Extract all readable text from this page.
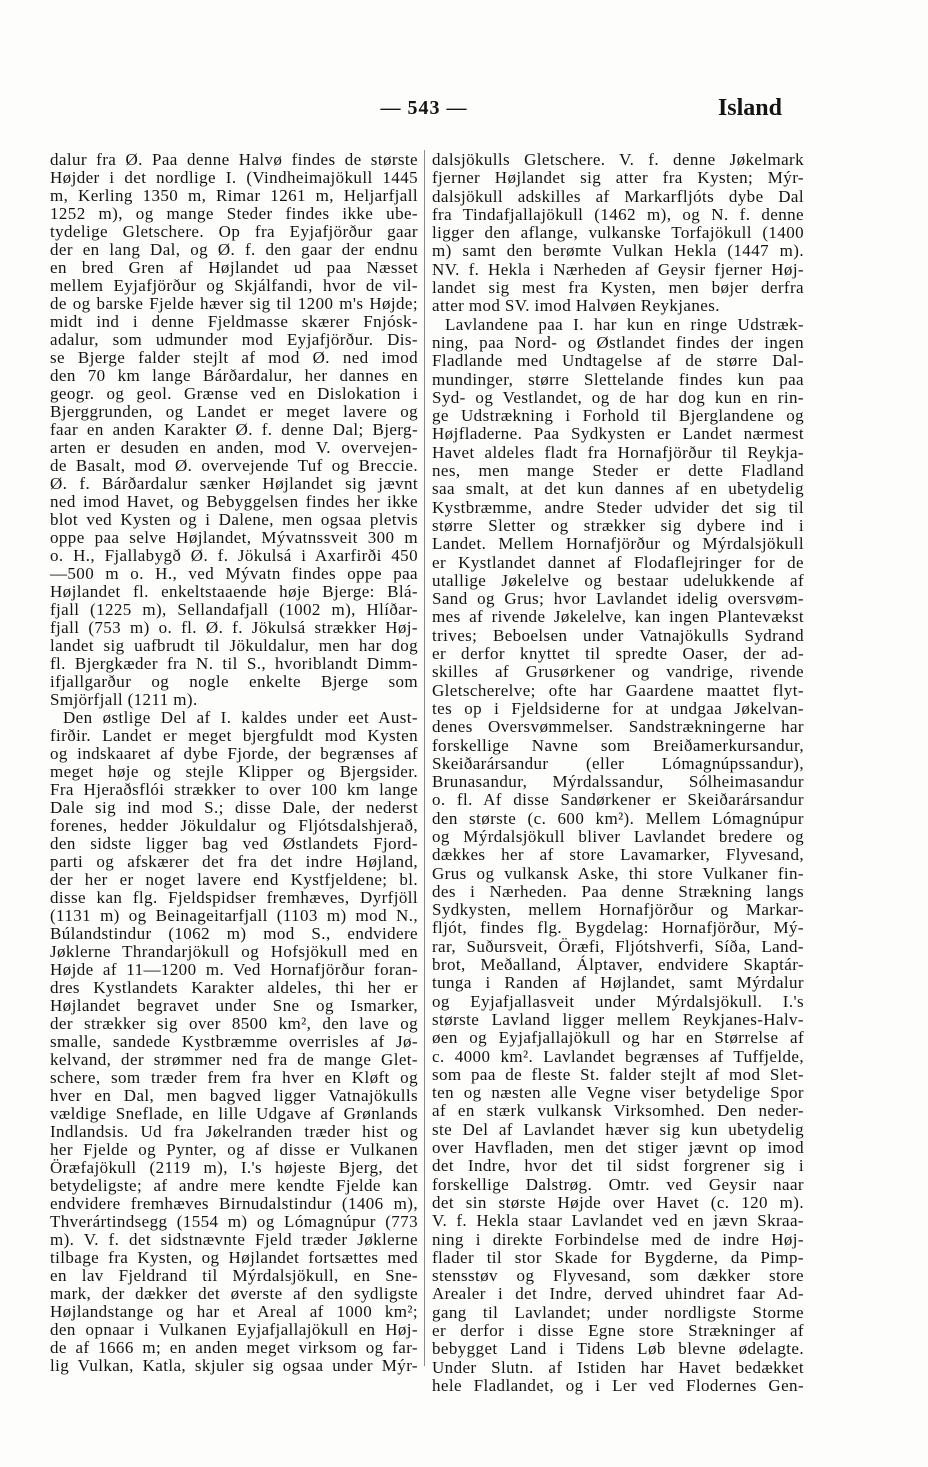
— 543 —	Island
dalur fra Ø. Paa denne Halvø findes de største
Højder i det nordlige I. (Vindheimajökull 1445
m, Kerling 1350 m, Rimar 1261 m, Heljarfjall
1252 m), og mange Steder findes ikke ube-
tydelige Gletschere. Op fra Eyjafjörður gaar
der en lang Dal, og Ø. f. den gaar der endnu
en bred Gren af Højlandet ud paa Næsset
mellem Eyjafjörður og Skjálfandi, hvor de vil-
de og barske Fjelde hæver sig til 1200 m's Højde;
midt ind i denne Fjeldmasse skærer Fnjósk-
adalur, som udmunder mod Eyjafjörður. Dis-
se Bjerge falder stejlt af mod Ø. ned imod
den 70 km lange Bárðardalur, her dannes en
geogr. og geol. Grænse ved en Dislokation i
Bjerggrunden, og Landet er meget lavere og
faar en anden Karakter Ø. f. denne Dal; Bjerg-
arten er desuden en anden, mod V. overvejen-
de Basalt, mod Ø. overvejende Tuf og Breccie.
Ø. f. Bárðardalur sænker Højlandet sig jævnt
ned imod Havet, og Bebyggelsen findes her ikke
blot ved Kysten og i Dalene, men ogsaa pletvis
oppe paa selve Højlandet, Mývatnssveit 300 m
o. H., Fjallabygð Ø. f. Jökulsá i Axarfirði 450
—500 m o. H., ved Mývatn findes oppe paa
Højlandet fl. enkeltstaaende høje Bjerge: Blá-
fjall (1225 m), Sellandafjall (1002 m), Hlíðar-
fjall (753 m) o. fl. Ø. f. Jökulsá strækker Høj-
landet sig uafbrudt til Jökuldalur, men har dog
fl. Bjergkæder fra N. til S., hvoriblandt Dimm-
ifjallgarður og nogle enkelte Bjerge som
Smjörfjall (1211 m).
Den østlige Del af I. kaldes under eet Aust-
firðir. Landet er meget bjergfuldt mod Kysten
og indskaaret af dybe Fjorde, der begrænses af
meget høje og stejle Klipper og Bjergsider.
Fra Hjeraðsflói strækker to over 100 km lange
Dale sig ind mod S.; disse Dale, der nederst
forenes, hedder Jökuldalur og Fljótsdalshjerað,
den sidste ligger bag ved Østlandets Fjord-
parti og afskærer det fra det indre Højland,
der her er noget lavere end Kystfjeldene; bl.
disse kan flg. Fjeldspidser fremhæves, Dyrfjöll
(1131 m) og Beinageitarfjall (1103 m) mod N.,
Búlandstindur (1062 m) mod S., endvidere
Jøklerne Thrandarjökull og Hofsjökull med en
Højde af 11—1200 m. Ved Hornafjörður foran-
dres Kystlandets Karakter aldeles, thi her er
Højlandet begravet under Sne og Ismarker,
der strækker sig over 8500 km², den lave og
smalle, sandede Kystbræmme overrisles af Jø-
kelvand, der strømmer ned fra de mange Glet-
schere, som træder frem fra hver en Kløft og
hver en Dal, men bagved ligger Vatnajökulls
vældige Sneflade, en lille Udgave af Grønlands
Indlandsis. Ud fra Jøkelranden træder hist og
her Fjelde og Pynter, og af disse er Vulkanen
Öræfajökull (2119 m), I.'s højeste Bjerg, det
betydeligste; af andre mere kendte Fjelde kan
endvidere fremhæves Birnudalstindur (1406 m),
Thverártindsegg (1554 m) og Lómagnúpur (773
m). V. f. det sidstnævnte Fjeld træder Jøklerne
tilbage fra Kysten, og Højlandet fortsættes med
en lav Fjeldrand til Mýrdalsjökull, en Sne-
mark, der dækker det øverste af den sydligste
Højlandstange og har et Areal af 1000 km²;
den opnaar i Vulkanen Eyjafjallajökull en Høj-
de af 1666 m; en anden meget virksom og far-
lig Vulkan, Katla, skjuler sig ogsaa under Mýr-
dalsjökulls Gletschere. V. f. denne Jøkelmark
fjerner Højlandet sig atter fra Kysten; Mýr-
dalsjökull adskilles af Markarfljóts dybe Dal
fra Tindafjallajökull (1462 m), og N. f. denne
ligger den aflange, vulkanske Torfajökull (1400
m) samt den berømte Vulkan Hekla (1447 m).
NV. f. Hekla i Nærheden af Geysir fjerner Høj-
landet sig mest fra Kysten, men bøjer derfra
atter mod SV. imod Halvøen Reykjanes.
Lavlandene paa I. har kun en ringe Udstræk-
ning, paa Nord- og Østlandet findes der ingen
Fladlande med Undtagelse af de større Dal-
mundinger, større Slettelande findes kun paa
Syd- og Vestlandet, og de har dog kun en rin-
ge Udstrækning i Forhold til Bjerglandene og
Højfladerne. Paa Sydkysten er Landet nærmest
Havet aldeles fladt fra Hornafjörður til Reykja-
nes, men mange Steder er dette Fladland
saa smalt, at det kun dannes af en ubetydelig
Kystbræmme, andre Steder udvider det sig til
større Sletter og strækker sig dybere ind i
Landet. Mellem Hornafjörður og Mýrdalsjökull
er Kystlandet dannet af Flodaflejringer for de
utallige Jøkelelve og bestaar udelukkende af
Sand og Grus; hvor Lavlandet idelig oversvøm-
mes af rivende Jøkelelve, kan ingen Plantevækst
trives; Beboelsen under Vatnajökulls Sydrand
er derfor knyttet til spredte Oaser, der ad-
skilles af Grusørkener og vandrige, rivende
Gletscherelve; ofte har Gaardene maattet flyt-
tes op i Fjeldsiderne for at undgaa Jøkelvan-
denes Oversvømmelser. Sandstrækningerne har
forskellige Navne som Breiðamerkursandur,
Skeiðarársandur (eller Lómagnúpssandur),
Brunasandur, Mýrdalssandur, Sólheimasandur
o. fl. Af disse Sandørkener er Skeiðarársandur
den største (c. 600 km²). Mellem Lómagnúpur
og Mýrdalsjökull bliver Lavlandet bredere og
dækkes her af store Lavamarker, Flyvesand,
Grus og vulkansk Aske, thi store Vulkaner fin-
des i Nærheden. Paa denne Strækning langs
Sydkysten, mellem Hornafjörður og Markar-
fljót, findes flg. Bygdelag: Hornafjörður, Mý-
rar, Suðursveit, Öræfi, Fljótshverfi, Síða, Land-
brot, Meðalland, Álptaver, endvidere Skaptár-
tunga i Randen af Højlandet, samt Mýrdalur
og Eyjafjallasveit under Mýrdalsjökull. I.'s
største Lavland ligger mellem Reykjanes-Halv-
øen og Eyjafjallajökull og har en Størrelse af
c. 4000 km². Lavlandet begrænses af Tuffjelde,
som paa de fleste St. falder stejlt af mod Slet-
ten og næsten alle Vegne viser betydelige Spor
af en stærk vulkansk Virksomhed. Den neder-
ste Del af Lavlandet hæver sig kun ubetydelig
over Havfladen, men det stiger jævnt op imod
det Indre, hvor det til sidst forgrener sig i
forskellige Dalstrøg. Omtr. ved Geysir naar
det sin største Højde over Havet (c. 120 m).
V. f. Hekla staar Lavlandet ved en jævn Skraa-
ning i direkte Forbindelse med de indre Høj-
flader til stor Skade for Bygderne, da Pimp-
stensstøv og Flyvesand, som dækker store
Arealer i det Indre, derved uhindret faar Ad-
gang til Lavlandet; under nordligste Storme
er derfor i disse Egne store Strækninger af
bebygget Land i Tidens Løb blevne ødelagte.
Under Slutn. af Istiden har Havet bedækket
hele Fladlandet, og i Ler ved Flodernes Gen-
